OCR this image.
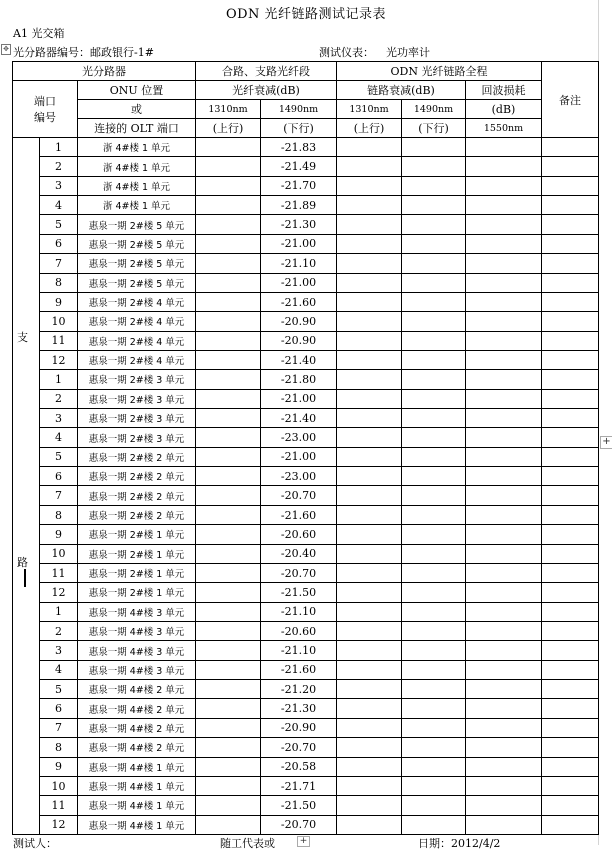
ODN 光纤链路测试记录表
A1 光交箱
✥ 光分路器编号：邮政银行-1#	测试仪表： 光功率计
光分路器			合路、支路光纤段		ODN 光纤链路全程			备注
端口
编号		ONU 位置	光纤衰减(dB)		链路衰减(dB)		回波损耗	
		或	1310nm	1490nm	1310nm	1490nm	(dB)	
		连接的 OLT 端口	(上行)	(下行)	(上行)	(下行)	1550nm	
	1	浙 4#楼 1 单元		-21.83				
	2	浙 4#楼 1 单元		-21.49				
	3	浙 4#楼 1 单元		-21.70				
	4	浙 4#楼 1 单元		-21.89				
	5	惠泉一期 2#楼 5 单元		-21.30				
	6	惠泉一期 2#楼 5 单元		-21.00				
	7	惠泉一期 2#楼 5 单元		-21.10				
	8	惠泉一期 2#楼 5 单元		-21.00				
	9	惠泉一期 2#楼 4 单元		-21.60				
	10	惠泉一期 2#楼 4 单元		-20.90				
	11	惠泉一期 2#楼 4 单元		-20.90				
	12	惠泉一期 2#楼 4 单元		-21.40				
	1	惠泉一期 2#楼 3 单元		-21.80				
	2	惠泉一期 2#楼 3 单元		-21.00				
	3	惠泉一期 2#楼 3 单元		-21.40				
	4	惠泉一期 2#楼 3 单元		-23.00				
	5	惠泉一期 2#楼 2 单元		-21.00				
	6	惠泉一期 2#楼 2 单元		-23.00				
	7	惠泉一期 2#楼 2 单元		-20.70				
	8	惠泉一期 2#楼 2 单元		-21.60				
	9	惠泉一期 2#楼 1 单元		-20.60				
	10	惠泉一期 2#楼 1 单元		-20.40				
	11	惠泉一期 2#楼 1 单元		-20.70				
	12	惠泉一期 2#楼 1 单元		-21.50				
	1	惠泉一期 4#楼 3 单元		-21.10				
	2	惠泉一期 4#楼 3 单元		-20.60				
	3	惠泉一期 4#楼 3 单元		-21.10				
	4	惠泉一期 4#楼 3 单元		-21.60				
	5	惠泉一期 4#楼 2 单元		-21.20				
	6	惠泉一期 4#楼 2 单元		-21.30				
	7	惠泉一期 4#楼 2 单元		-20.90				
	8	惠泉一期 4#楼 2 单元		-20.70				
	9	惠泉一期 4#楼 1 单元		-20.58				
	10	惠泉一期 4#楼 1 单元		-21.71				
	11	惠泉一期 4#楼 1 单元		-21.50				
	12	惠泉一期 4#楼 1 单元		-20.70				
支
路
测试人：	随工代表或	日期：2012/4/2
+
+
